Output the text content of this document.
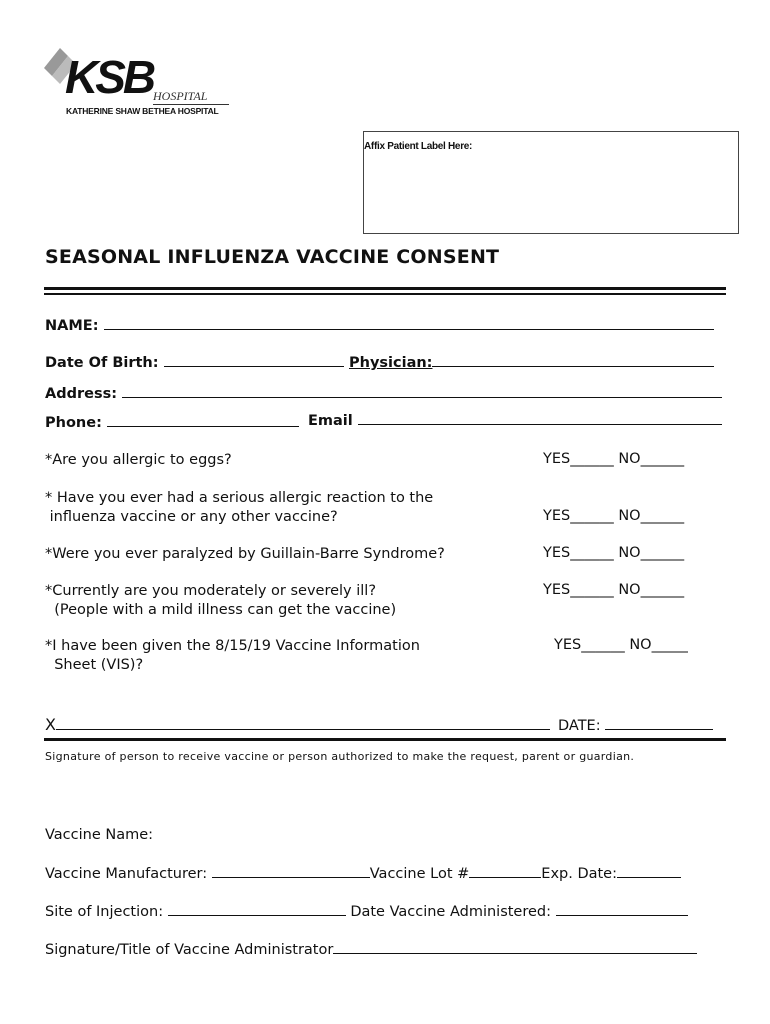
KSB HOSPITAL
KATHERINE SHAW BETHEA HOSPITAL
Affix Patient Label Here:
SEASONAL INFLUENZA VACCINE CONSENT
NAME:
Date Of Birth:	Physician:
Address:
Phone:	Email
*Are you allergic to eggs?	YES______ NO______
* Have you ever had a serious allergic reaction to the
influenza vaccine or any other vaccine?	YES______ NO______
*Were you ever paralyzed by Guillain-Barre Syndrome?	YES______ NO______
*Currently are you moderately or severely ill?
(People with a mild illness can get the vaccine)
YES______ NO______
*I have been given the 8/15/19 Vaccine Information
Sheet (VIS)?
YES______ NO_____
X	DATE:
Signature of person to receive vaccine or person authorized to make the request, parent or guardian.
Vaccine Name:
Vaccine Manufacturer:	Vaccine Lot #	Exp. Date:
Site of Injection:	Date Vaccine Administered:
Signature/Title of Vaccine Administrator
